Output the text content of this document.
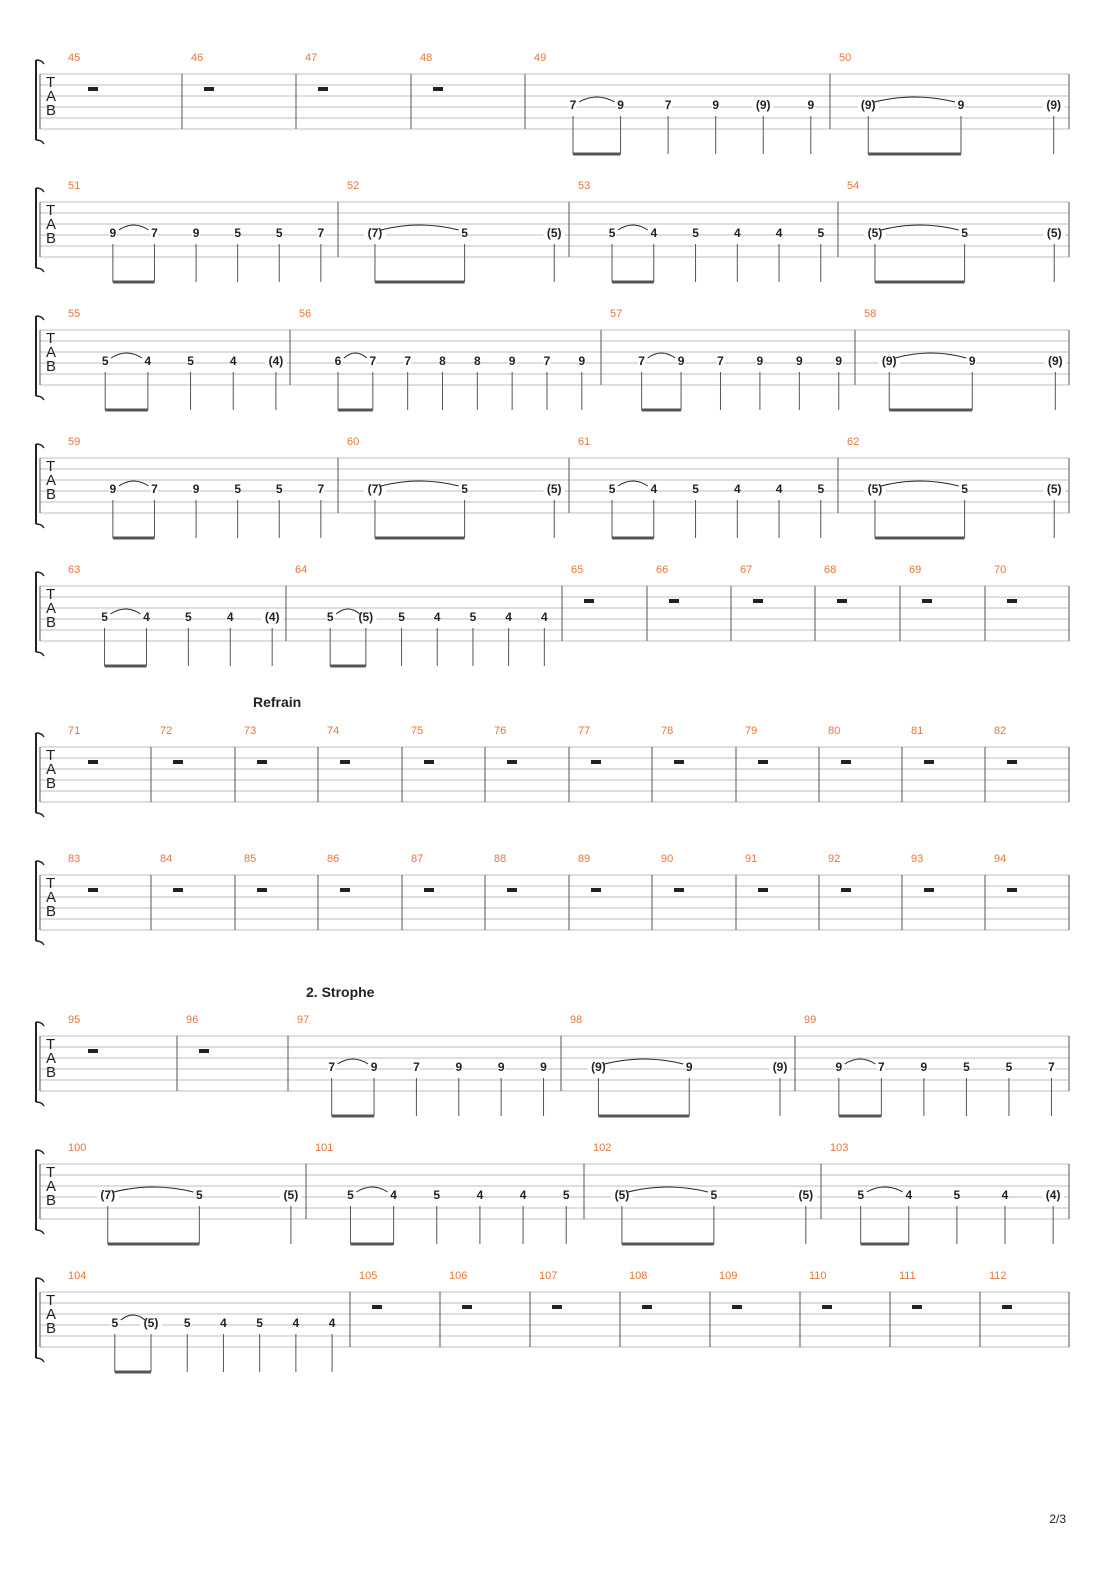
T
A
B
45	46	47	48	49
7	9	7	9	(9)	9
50
(9)	9	(9)
T
A
B
51
9	7	9	5	5	7
52
(7)	5	(5)
53
5	4	5	4	4	5
54
(5)	5	(5)
T
A
B
55
5	4	5	4	(4)
56
6 7 7 8 8 9 7 9
57
7	9	7	9	9	9
58
(9)	9	(9)
T
A
B
59
9	7	9	5	5	7
60
(7)	5	(5)
61
5	4	5	4	4	5
62
(5)	5	(5)
T
A
B
63
5	4	5	4	(4)
64
5 (5) 5 4 5 4 4
65	66	67	68	69	70
T
A
B
71	72	73	74	75	76	77	78	79	80	81	82
T
A
B
83	84	85	86	87	88	89	90	91	92	93	94
T
A
B
95	96	97
7	9	7	9	9	9
98
(9)	9	(9)
99
9	7	9	5	5	7
T
A
B
100
(7)	5	(5)
101
5	4	5	4	4	5
102
(5)	5	(5)
103
5	4	5	4	(4)
T
A
B
104
5 (5) 5 4 5 4 4
105	106	107	108	109	110	111	112
Refrain
2. Strophe
2/3
